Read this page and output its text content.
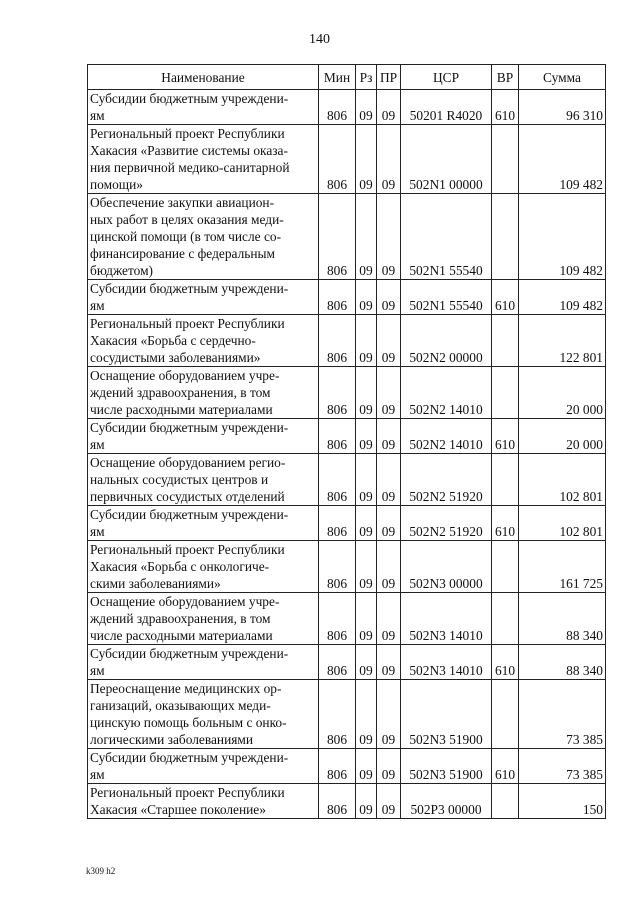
140
Наименование	Мин	Рз	ПР	ЦСР	ВР	Сумма
Субсидии бюджетным учреждени-
ям	806	09	09	50201 R4020	610	96 310
Региональный проект Республики
Хакасия «Развитие системы оказа-
ния первичной медико-санитарной
помощи»	806	09	09	502N1 00000		109 482
Обеспечение закупки авиацион-
ных работ в целях оказания меди-
цинской помощи (в том числе со-
финансирование с федеральным
бюджетом)	806	09	09	502N1 55540		109 482
Субсидии бюджетным учреждени-
ям	806	09	09	502N1 55540	610	109 482
Региональный проект Республики
Хакасия «Борьба с сердечно-
сосудистыми заболеваниями»	806	09	09	502N2 00000		122 801
Оснащение оборудованием учре-
ждений здравоохранения, в том
числе расходными материалами	806	09	09	502N2 14010		20 000
Субсидии бюджетным учреждени-
ям	806	09	09	502N2 14010	610	20 000
Оснащение оборудованием регио-
нальных сосудистых центров и
первичных сосудистых отделений	806	09	09	502N2 51920		102 801
Субсидии бюджетным учреждени-
ям	806	09	09	502N2 51920	610	102 801
Региональный проект Республики
Хакасия «Борьба с онкологиче-
скими заболеваниями»	806	09	09	502N3 00000		161 725
Оснащение оборудованием учре-
ждений здравоохранения, в том
числе расходными материалами	806	09	09	502N3 14010		88 340
Субсидии бюджетным учреждени-
ям	806	09	09	502N3 14010	610	88 340
Переоснащение медицинских ор-
ганизаций, оказывающих меди-
цинскую помощь больным с онко-
логическими заболеваниями	806	09	09	502N3 51900		73 385
Субсидии бюджетным учреждени-
ям	806	09	09	502N3 51900	610	73 385
Региональный проект Республики
Хакасия «Старшее поколение»	806	09	09	502P3 00000		150
k309 h2
